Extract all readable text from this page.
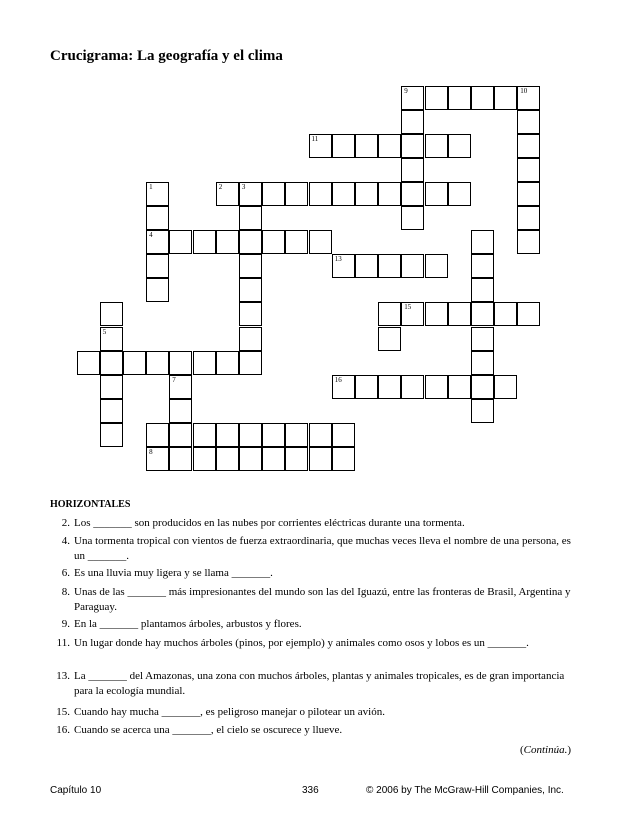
Crucigrama: La geografía y el clima
9	10
11
1	2	3
4
13
15
5
7	16
8
HORIZONTALES
2. Los _______ son producidos en las nubes por corrientes eléctricas durante una tormenta.
4. Una tormenta tropical con vientos de fuerza extraordinaria, que muchas veces lleva el nombre de una persona, es un _______.
6. Es una lluvia muy ligera y se llama _______.
8. Unas de las _______ más impresionantes del mundo son las del Iguazú, entre las fronteras de Brasil, Argentina y Paraguay.
9. En la _______ plantamos árboles, arbustos y flores.
11. Un lugar donde hay muchos árboles (pinos, por ejemplo) y animales como osos y lobos es un _______.
13. La _______ del Amazonas, una zona con muchos árboles, plantas y animales tropicales, es de gran importancia para la ecología mundial.
15. Cuando hay mucha _______, es peligroso manejar o pilotear un avión.
16. Cuando se acerca una _______, el cielo se oscurece y llueve.
(Continúa.)
Capítulo 10	336	© 2006 by The McGraw-Hill Companies, Inc.
